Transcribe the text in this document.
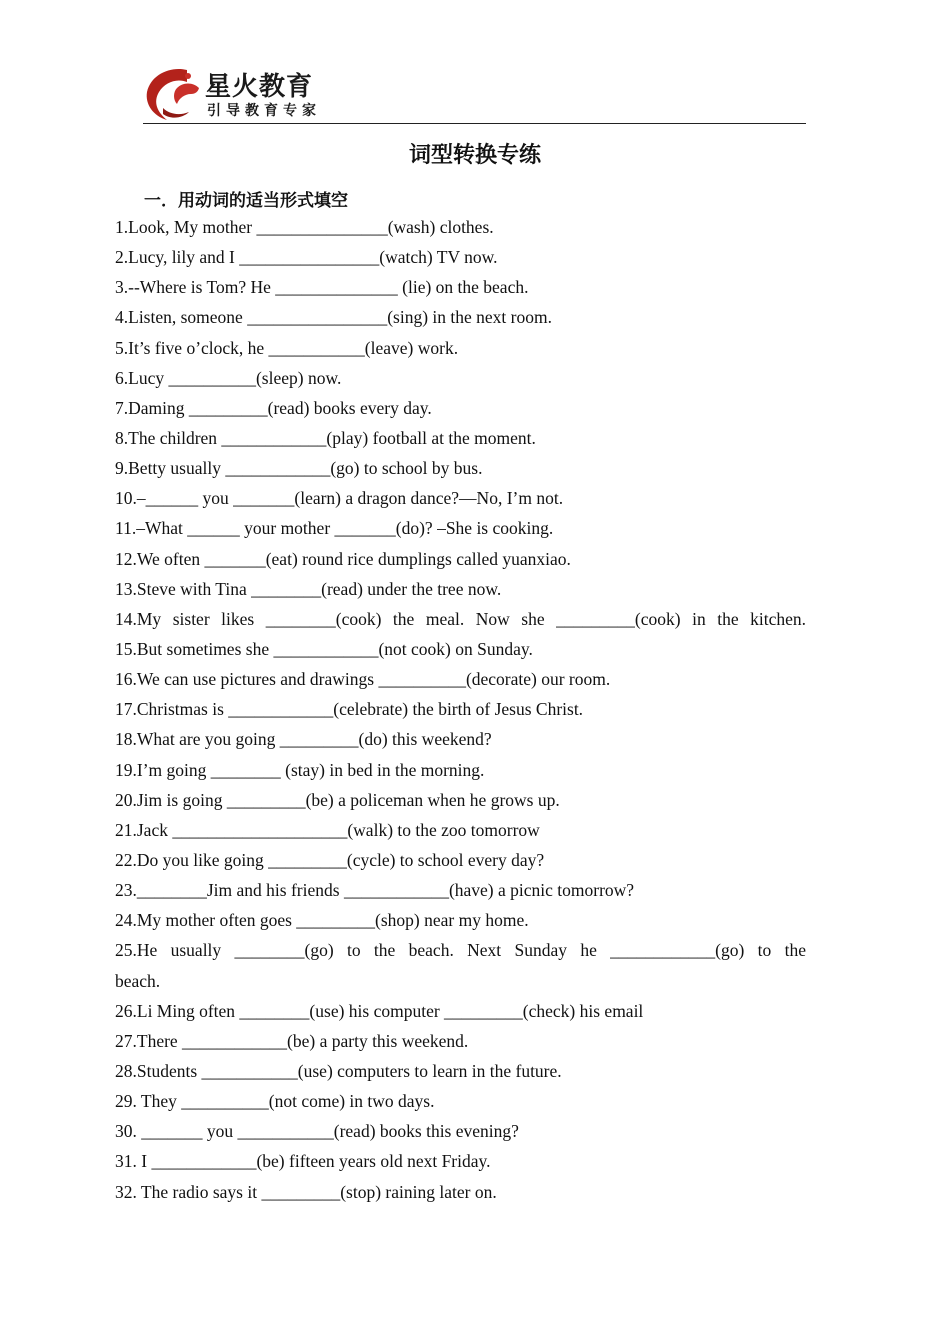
星火教育
引导教育专家
词型转换专练
一．用动词的适当形式填空
1.Look, My mother _______________(wash) clothes.
2.Lucy, lily and I ________________(watch) TV now.
3.--Where is Tom? He ______________ (lie) on the beach.
4.Listen, someone ________________(sing) in the next room.
5.It’s five o’clock, he ___________(leave) work.
6.Lucy __________(sleep) now.
7.Daming _________(read) books every day.
8.The children ____________(play) football at the moment.
9.Betty usually ____________(go) to school by bus.
10.–______ you _______(learn) a dragon dance?—No, I’m not.
11.–What ______ your mother _______(do)? –She is cooking.
12.We often _______(eat) round rice dumplings called yuanxiao.
13.Steve with Tina ________(read) under the tree now.
14.My sister likes ________(cook) the meal. Now she _________(cook) in the kitchen.
15.But sometimes she ____________(not cook) on Sunday.
16.We can use pictures and drawings __________(decorate) our room.
17.Christmas is ____________(celebrate) the birth of Jesus Christ.
18.What are you going _________(do) this weekend?
19.I’m going ________ (stay) in bed in the morning.
20.Jim is going _________(be) a policeman when he grows up.
21.Jack ____________________(walk) to the zoo tomorrow
22.Do you like going _________(cycle) to school every day?
23.________Jim and his friends ____________(have) a picnic tomorrow?
24.My mother often goes _________(shop) near my home.
25.He usually ________(go) to the beach. Next Sunday he ____________(go) to the
beach.
26.Li Ming often ________(use) his computer _________(check) his email
27.There ____________(be) a party this weekend.
28.Students ___________(use) computers to learn in the future.
29. They __________(not come) in two days.
30. _______ you ___________(read) books this evening?
31. I ____________(be) fifteen years old next Friday.
32. The radio says it _________(stop) raining later on.
